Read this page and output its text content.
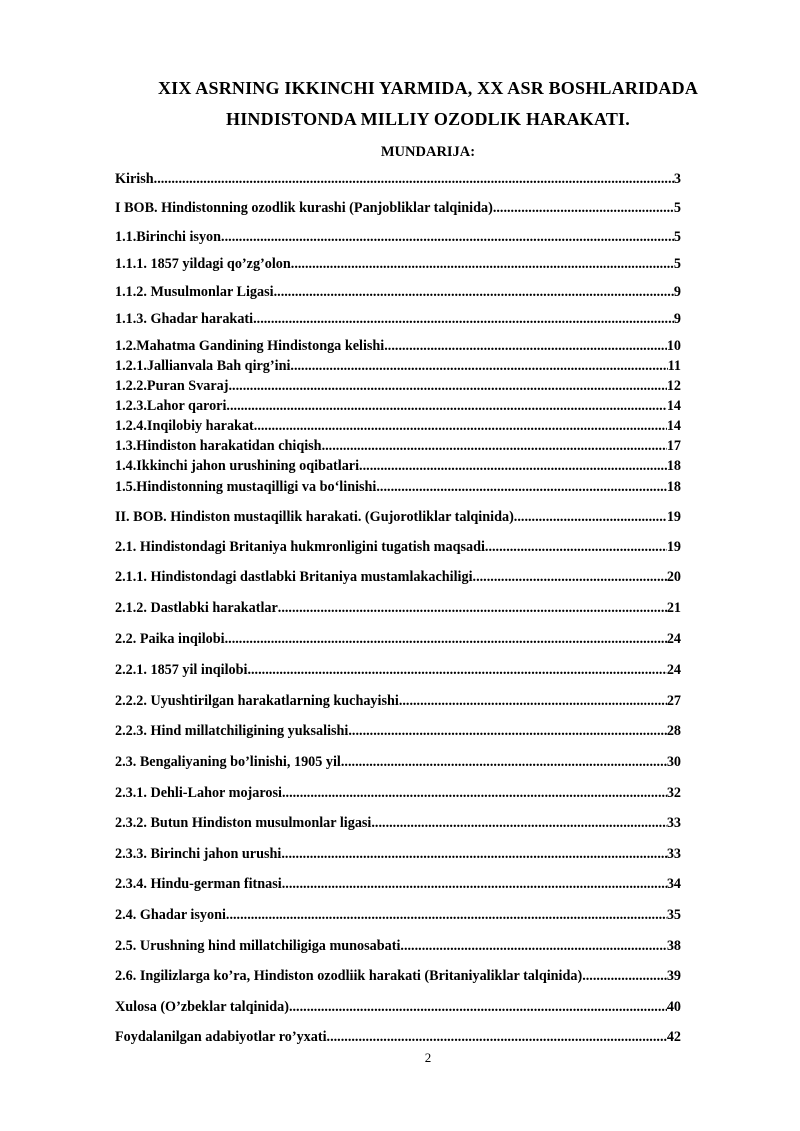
XIX ASRNING IKKINCHI YARMIDA, XX ASR BOSHLARIDADA
HINDISTONDA MILLIY OZODLIK HARAKATI.
MUNDARIJA:
Kirish .....	3
I BOB. Hindistonning ozodlik kurashi (Panjobliklar talqinida) .....	5
1.1. Birinchi isyon .....	5
1.1.1. 1857 yildagi qo’zg’olon .....	5
1.1.2. Musulmonlar Ligasi .....	9
1.1.3. Ghadar harakati .....	9
1.2. Mahatma Gandining Hindistonga kelishi .....	10
1.2.1. Jallianvala Bah qirg’ini .....	11
1.2.2. Puran Svaraj .....	12
1.2.3. Lahor qarori .....	14
1.2.4. Inqilobiy harakat .....	14
1.3. Hindiston harakatidan chiqish .....	17
1.4. Ikkinchi jahon urushining oqibatlari .....	18
1.5. Hindistonning mustaqilligi va bo‘linishi .....	18
II. BOB. Hindiston mustaqillik harakati. (Gujorotliklar talqinida) .....	19
2.1. Hindistondagi Britaniya hukmronligini tugatish maqsadi .....	19
2.1.1. Hindistondagi dastlabki Britaniya mustamlakachiligi .....	20
2.1.2. Dastlabki harakatlar .....	21
2.2. Paika inqilobi .....	24
2.2.1. 1857 yil inqilobi .....	24
2.2.2. Uyushtirilgan harakatlarning kuchayishi .....	27
2.2.3. Hind millatchiligining yuksalishi .....	28
2.3. Bengaliyaning bo’linishi, 1905 yil .....	30
2.3.1. Dehli-Lahor mojarosi .....	32
2.3.2. Butun Hindiston musulmonlar ligasi .....	33
2.3.3. Birinchi jahon urushi .....	33
2.3.4. Hindu-german fitnasi .....	34
2.4. Ghadar isyoni .....	35
2.5. Urushning hind millatchiligiga munosabati .....	38
2.6. Ingilizlarga ko’ra, Hindiston ozodliik harakati (Britaniyaliklar talqinida) .....	39
Xulosa (O’zbeklar talqinida) .....	40
Foydalanilgan adabiyotlar ro’yxati .....	42
2
